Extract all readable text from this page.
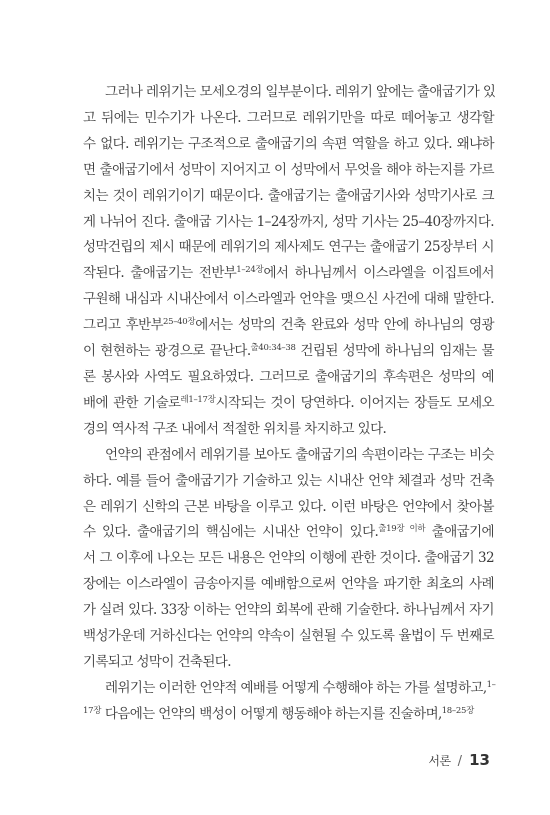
그러나 레위기는 모세오경의 일부분이다. 레위기 앞에는 출애굽기가 있
고 뒤에는 민수기가 나온다. 그러므로 레위기만을 따로 떼어놓고 생각할
수 없다. 레위기는 구조적으로 출애굽기의 속편 역할을 하고 있다. 왜냐하
면 출애굽기에서 성막이 지어지고 이 성막에서 무엇을 해야 하는지를 가르
치는 것이 레위기이기 때문이다. 출애굽기는 출애굽기사와 성막기사로 크
게 나뉘어 진다. 출애굽 기사는 1–24장까지, 성막 기사는 25–40장까지다.
성막건립의 제시 때문에 레위기의 제사제도 연구는 출애굽기 25장부터 시
작된다. 출애굽기는 전반부$^{1-24장}$에서 하나님께서 이스라엘을 이집트에서
구원해 내심과 시내산에서 이스라엘과 언약을 맺으신 사건에 대해 말한다.
그리고 후반부$^{25-40장}$에서는 성막의 건축 완료와 성막 안에 하나님의 영광
이 현현하는 광경으로 끝난다.$^{출40:34-38}$ 건립된 성막에 하나님의 임재는 물
론 봉사와 사역도 필요하였다. 그러므로 출애굽기의 후속편은 성막의 예
배에 관한 기술로$^{레1-17장}$시작되는 것이 당연하다. 이어지는 장들도 모세오
경의 역사적 구조 내에서 적절한 위치를 차지하고 있다.

언약의 관점에서 레위기를 보아도 출애굽기의 속편이라는 구조는 비슷
하다. 예를 들어 출애굽기가 기술하고 있는 시내산 언약 체결과 성막 건축
은 레위기 신학의 근본 바탕을 이루고 있다. 이런 바탕은 언약에서 찾아볼
수 있다. 출애굽기의 핵심에는 시내산 언약이 있다.$^{출19장 이하}$ 출애굽기에
서 그 이후에 나오는 모든 내용은 언약의 이행에 관한 것이다. 출애굽기 32
장에는 이스라엘이 금송아지를 예배함으로써 언약을 파기한 최초의 사례
가 실려 있다. 33장 이하는 언약의 회복에 관해 기술한다. 하나님께서 자기
백성가운데 거하신다는 언약의 약속이 실현될 수 있도록 율법이 두 번째로
기록되고 성막이 건축된다.

레위기는 이러한 언약적 예배를 어떻게 수행해야 하는 가를 설명하고,$^{1-}$
$^{17장}$ 다음에는 언약의 백성이 어떻게 행동해야 하는지를 진술하며,$^{18-25장}$

서론 / 13
